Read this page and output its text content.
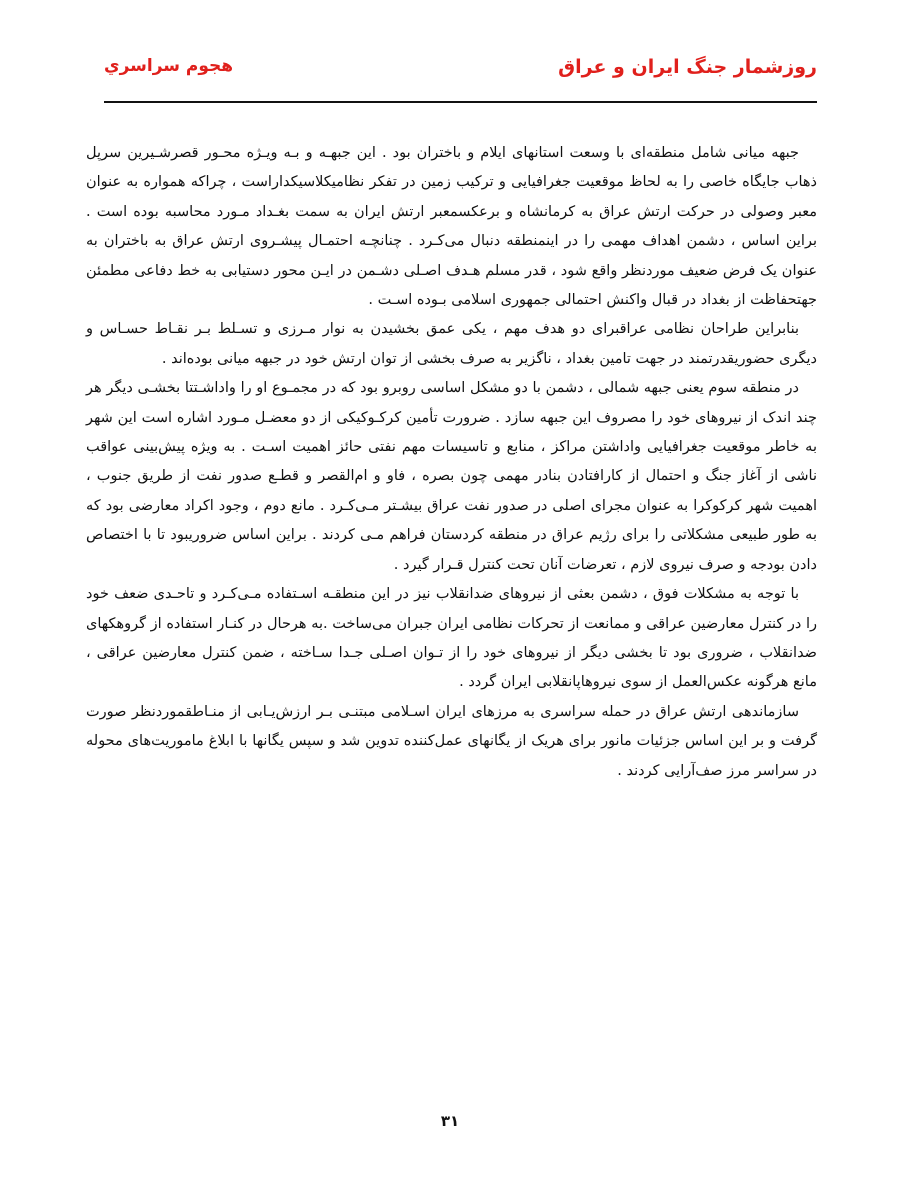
روزشمار جنگ ایران و عراق
هجوم سراسري

جبهه میانی شامل منطقه‌ای با وسعت استانهای ایلام و باختران بود . این جبهـه و بـه ویـژه محـور قصرشـیرین سرپل ذهاب جایگاه خاصی را به لحاظ موقعیت جغرافیایی و ترکیب زمین در تفکر نظامیکلاسیکداراست ، چراکه همواره به عنوان معبر وصولی در حرکت ارتش عراق به کرمانشاه و برعکسمعبر ارتش ایران به سمت بغـداد مـورد محاسبه بوده است . براین اساس ، دشمن اهداف مهمی را در اینمنطقه دنبال می‌کـرد . چنانچـه احتمـال پیشـروی ارتش عراق به باختران به عنوان یک فرض ضعیف موردنظر واقع شود ، قدر مسلم هـدف اصـلی دشـمن در ایـن محور دستیابی به خط دفاعی مطمئن جهتحفاظت از بغداد در قبال واکنش احتمالی جمهوری اسلامی بـوده اسـت .

بنابراین طراحان نظامی عراقبرای دو هدف مهم ، یکی عمق بخشیدن به نوار مـرزی و تسـلط بـر نقـاط حسـاس و دیگری حضوریقدرتمند در جهت تامین بغداد ، ناگزیر به صرف بخشی از توان ارتش خود در جبهه میانی بوده‌اند .

در منطقه سوم یعنی جبهه شمالی ، دشمن با دو مشکل اساسی روبرو بود که در مجمـوع او را واداشـتتا بخشـی دیگر هر چند اندک از نیروهای خود را مصروف این جبهه سازد . ضرورت تأمین کرکـوکیکی از دو معضـل مـورد اشاره است این شهر به خاطر موقعیت جغرافیایی واداشتن مراکز ، منابع و تاسیسات مهم نفتی حائز اهمیت اسـت . به ویژه پیش‌بینی عواقب ناشی از آغاز جنگ و احتمال از کارافتادن بنادر مهمی چون بصره ، فاو و ام‌القصر و قطـع صدور نفت از طریق جنوب ، اهمیت شهر کرکوکرا به عنوان مجرای اصلی در صدور نفت عراق بیشـتر مـی‌کـرد . مانع دوم ، وجود اکراد معارضی بود که به طور طبیعی مشکلاتی را برای رژیم عراق در منطقه کردستان فراهم مـی کردند . براین اساس ضروریبود تا با اختصاص دادن بودجه و صرف نیروی لازم ، تعرضات آنان تحت کنترل قـرار گیرد .

با توجه به مشکلات فوق ، دشمن بعثی از نیروهای ضدانقلاب نیز در این منطقـه اسـتفاده مـی‌کـرد و تاحـدی ضعف خود را در کنترل معارضین عراقی و ممانعت از تحرکات نظامی ایران جبران می‌ساخت .به هرحال در کنـار استفاده از گروهکهای ضدانقلاب ، ضروری بود تا بخشی دیگر از نیروهای خود را از تـوان اصـلی جـدا سـاخته ، ضمن کنترل معارضین عراقی ، مانع هرگونه عکس‌العمل از سوی نیروهاپانقلابی ایران گردد .

سازماندهی ارتش عراق در حمله سراسری به مرزهای ایران اسـلامی مبتنـی بـر ارزش‌یـابی از منـاطقموردنظر صورت گرفت و بر این اساس جزئیات مانور برای هریک از یگانهای عمل‌کننده تدوین شد و سپس یگانها با ابلاغ ماموریت‌های محوله در سراسر مرز صف‌آرایی کردند .

۳۱
